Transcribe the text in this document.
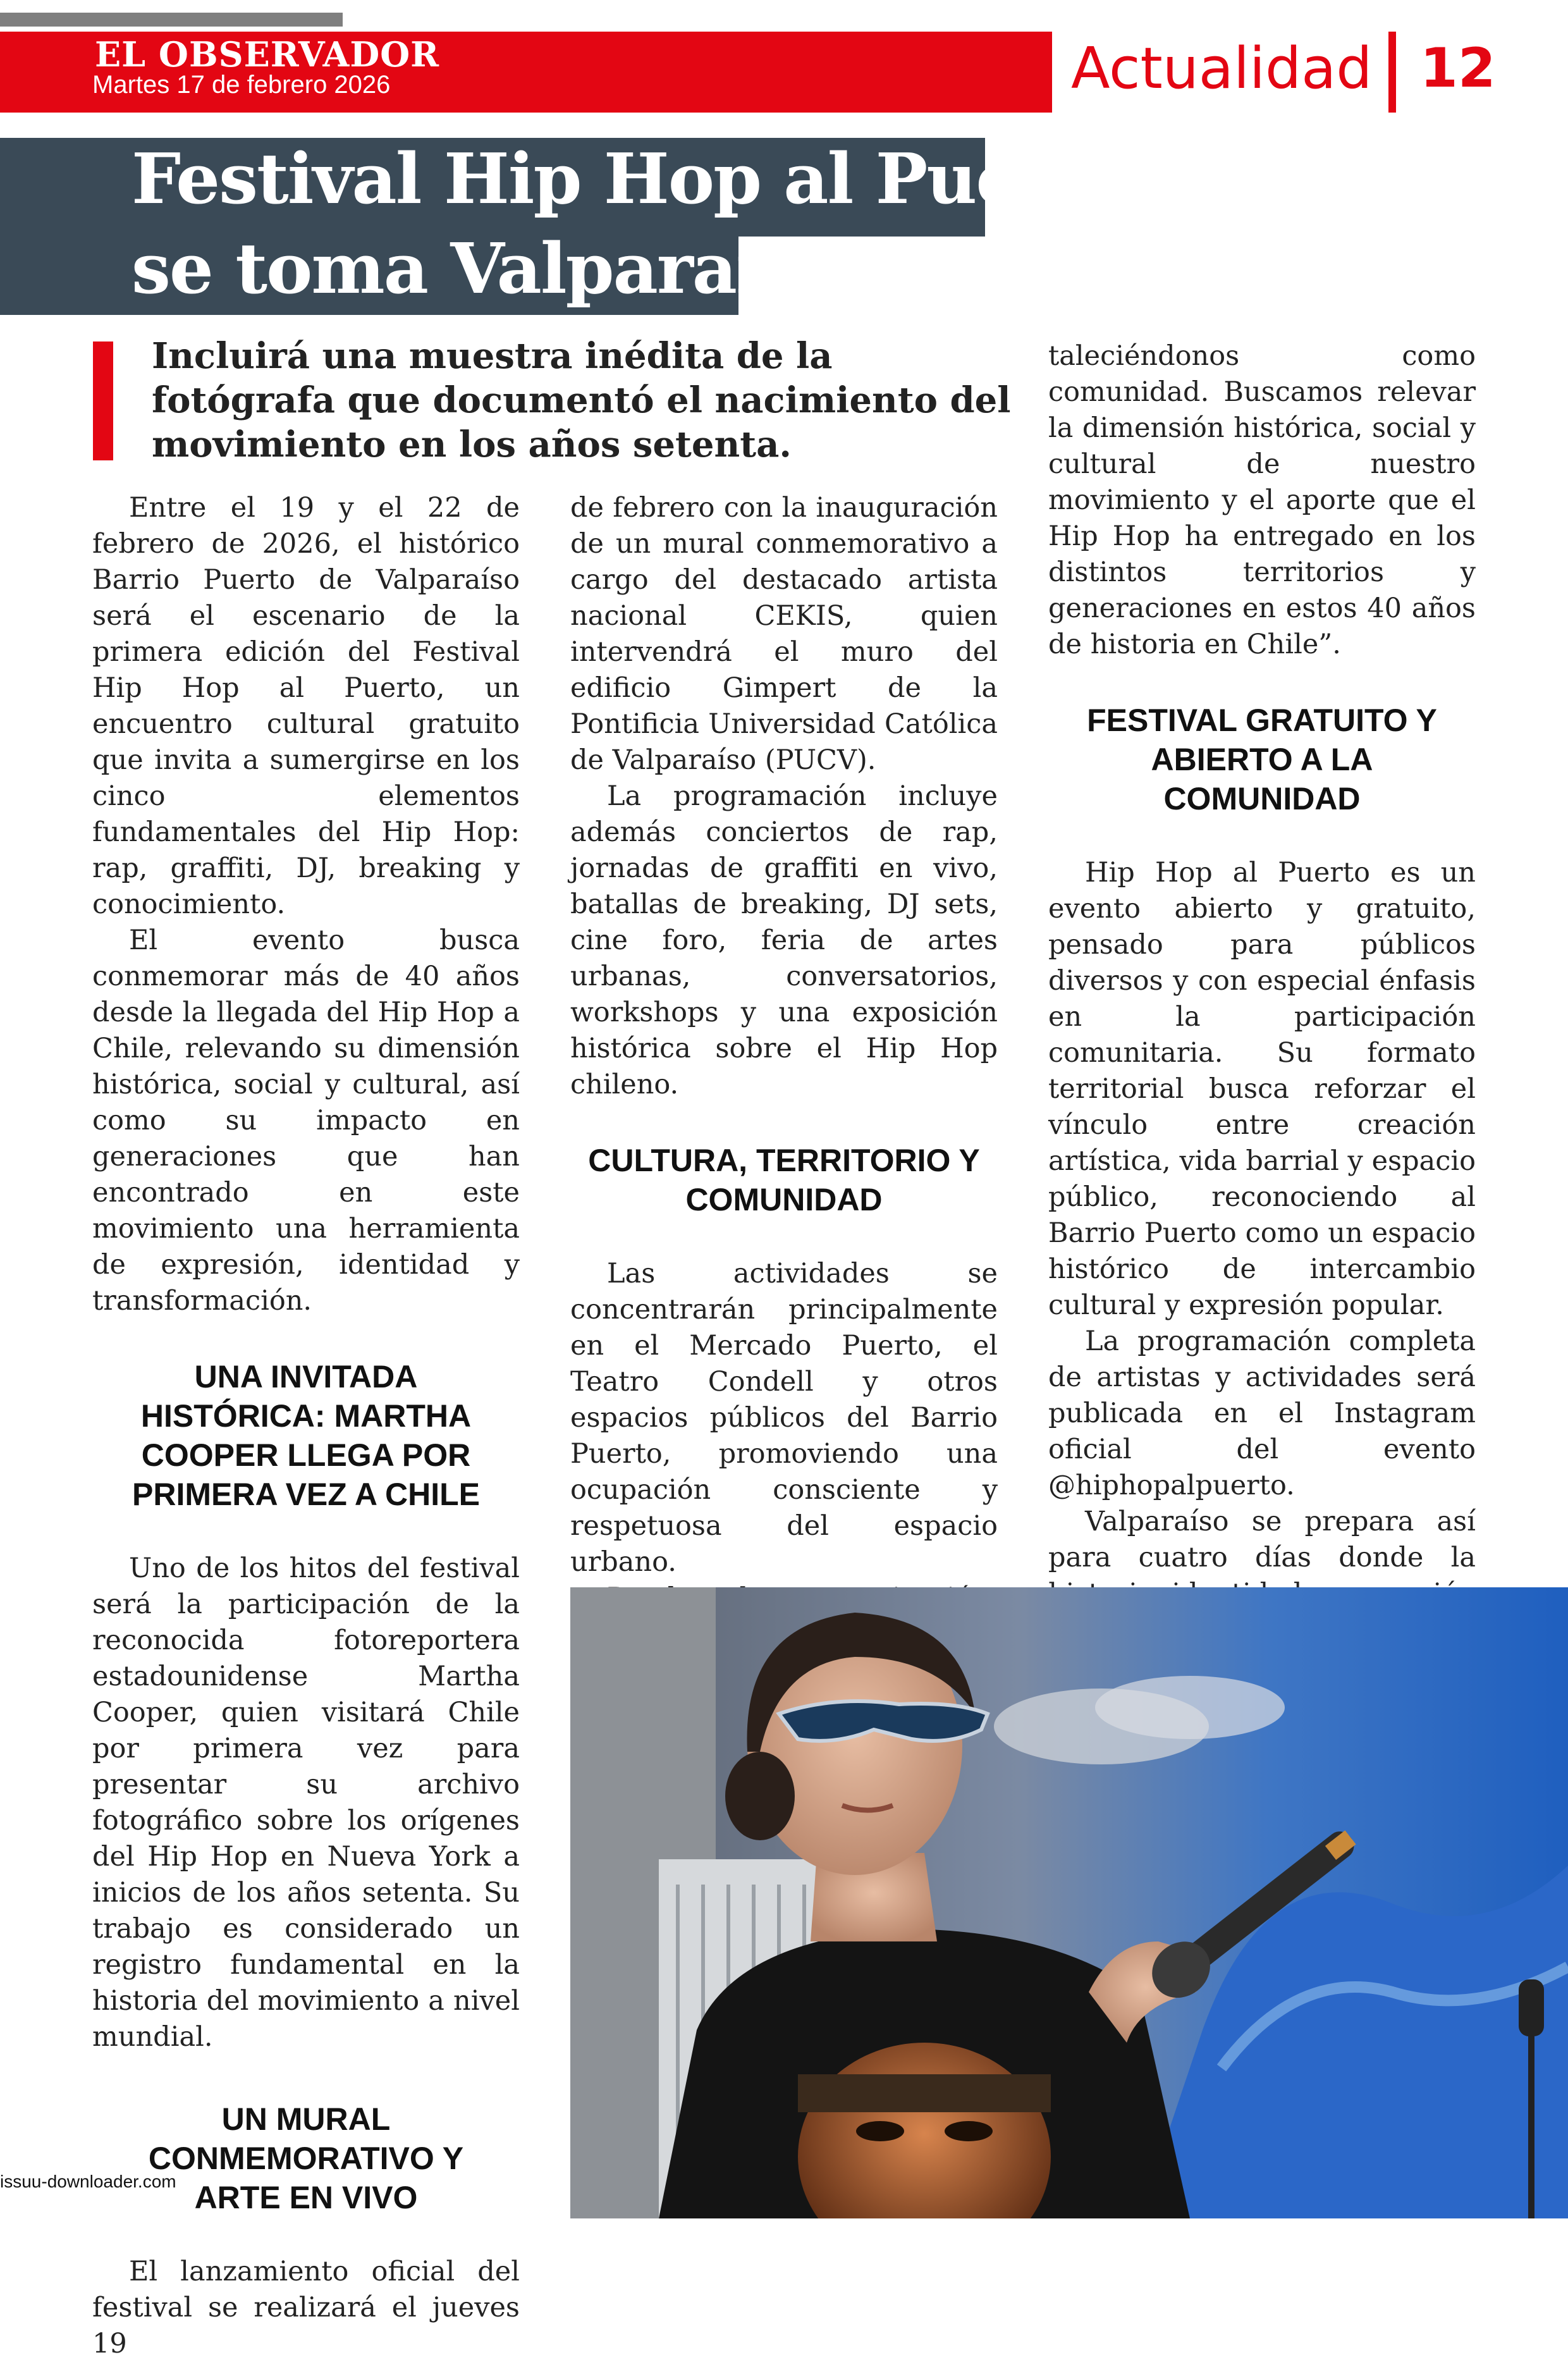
EL OBSERVADOR
Martes 17 de febrero 2026	Actualidad 12
Festival Hip Hop al Puerto
se toma Valparaíso
Incluirá una muestra inédita de la fotógrafa que documentó el nacimiento del movimiento en los años setenta.

Entre el 19 y el 22 de febrero de 2026, el histórico Barrio Puerto de Valparaíso será el escenario de la primera edición del Festival Hip Hop al Puerto, un encuentro cultural gratuito que invita a sumergirse en los cinco elementos fundamentales del Hip Hop: rap, graffiti, DJ, breaking y conocimiento.

El evento busca conmemorar más de 40 años desde la llegada del Hip Hop a Chile, relevando su dimensión histórica, social y cultural, así como su impacto en generaciones que han encontrado en este movimiento una herramienta de expresión, identidad y transformación.

UNA INVITADA HISTÓRICA: MARTHA COOPER LLEGA POR PRIMERA VEZ A CHILE

Uno de los hitos del festival será la participación de la reconocida fotoreportera estadounidense Martha Cooper, quien visitará Chile por primera vez para presentar su archivo fotográfico sobre los orígenes del Hip Hop en Nueva York a inicios de los años setenta. Su trabajo es considerado un registro fundamental en la historia del movimiento a nivel mundial.

UN MURAL CONMEMORATIVO Y ARTE EN VIVO

El lanzamiento oficial del festival se realizará el jueves 19

de febrero con la inauguración de un mural conmemorativo a cargo del destacado artista nacional CEKIS, quien intervendrá el muro del edificio Gimpert de la Pontificia Universidad Católica de Valparaíso (PUCV).

La programación incluye además conciertos de rap, jornadas de graffiti en vivo, batallas de breaking, DJ sets, cine foro, feria de artes urbanas, conversatorios, workshops y una exposición histórica sobre el Hip Hop chileno.

CULTURA, TERRITORIO Y COMUNIDAD

Las actividades se concentrarán principalmente en el Mercado Puerto, el Teatro Condell y otros espacios públicos del Barrio Puerto, promoviendo una ocupación consciente y respetuosa del espacio urbano.

taleciéndonos como comunidad. Buscamos relevar la dimensión histórica, social y cultural de nuestro movimiento y el aporte que el Hip Hop ha entregado en los distintos territorios y generaciones en estos 40 años de historia en Chile”.

FESTIVAL GRATUITO Y ABIERTO A LA COMUNIDAD

Hip Hop al Puerto es un evento abierto y gratuito, pensado para públicos diversos y con especial énfasis en la participación comunitaria. Su formato territorial busca reforzar el vínculo entre creación artística, vida barrial y espacio público, reconociendo al Barrio Puerto como un espacio histórico de intercambio cultural y expresión popular.

La programación completa de artistas y actividades será publicada en el Instagram oficial del evento @hiphopalpuerto.

Valparaíso se prepara así para cuatro días donde la

issuu-downloader.com
